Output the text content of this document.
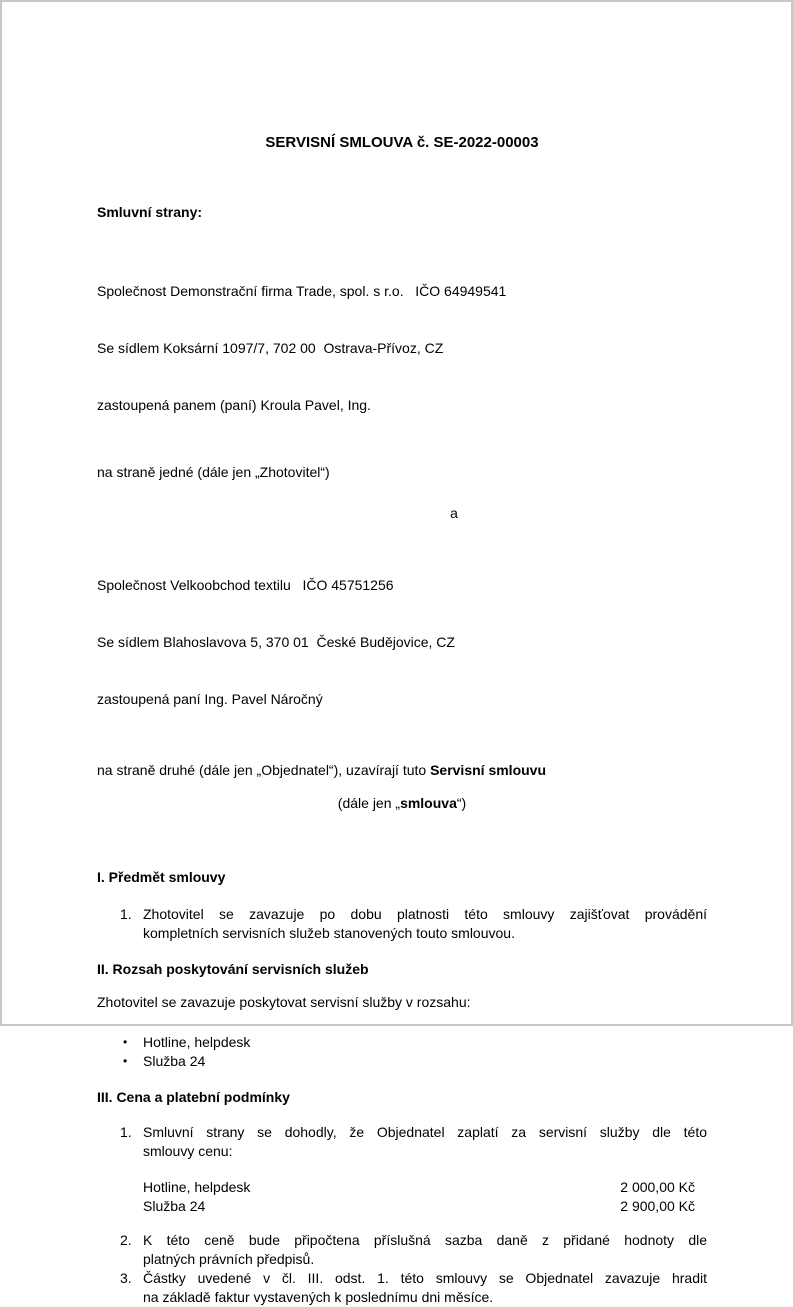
SERVISNÍ SMLOUVA č. SE-2022-00003
Smluvní strany:

Společnost Demonstrační firma Trade, spol. s r.o.   IČO 64949541

Se sídlem Koksární 1097/7, 702 00  Ostrava-Přívoz, CZ

zastoupená panem (paní) Kroula Pavel, Ing.

na straně jedné (dále jen „Zhotovitel“)
a

Společnost Velkoobchod textilu   IČO 45751256

Se sídlem Blahoslavova 5, 370 01  České Budějovice, CZ

zastoupená paní Ing. Pavel Náročný

na straně druhé (dále jen „Objednatel“), uzavírají tuto Servisní smlouvu
(dále jen „smlouva“)
I. Předmět smlouvy
1. Zhotovitel se zavazuje po dobu platnosti této smlouvy zajišťovat provádění
kompletních servisních služeb stanovených touto smlouvou.
II. Rozsah poskytování servisních služeb
Zhotovitel se zavazuje poskytovat servisní služby v rozsahu:
•	Hotline, helpdesk
•	Služba 24
III. Cena a platební podmínky
1. Smluvní strany se dohodly, že Objednatel zaplatí za servisní služby dle této
smlouvy cenu:
Hotline, helpdesk	2 000,00 Kč
Služba 24	2 900,00 Kč
2. K této ceně bude připočtena příslušná sazba daně z přidané hodnoty dle
platných právních předpisů.
3. Částky uvedené v čl. III. odst. 1. této smlouvy se Objednatel zavazuje hradit
na základě faktur vystavených k poslednímu dni měsíce.
